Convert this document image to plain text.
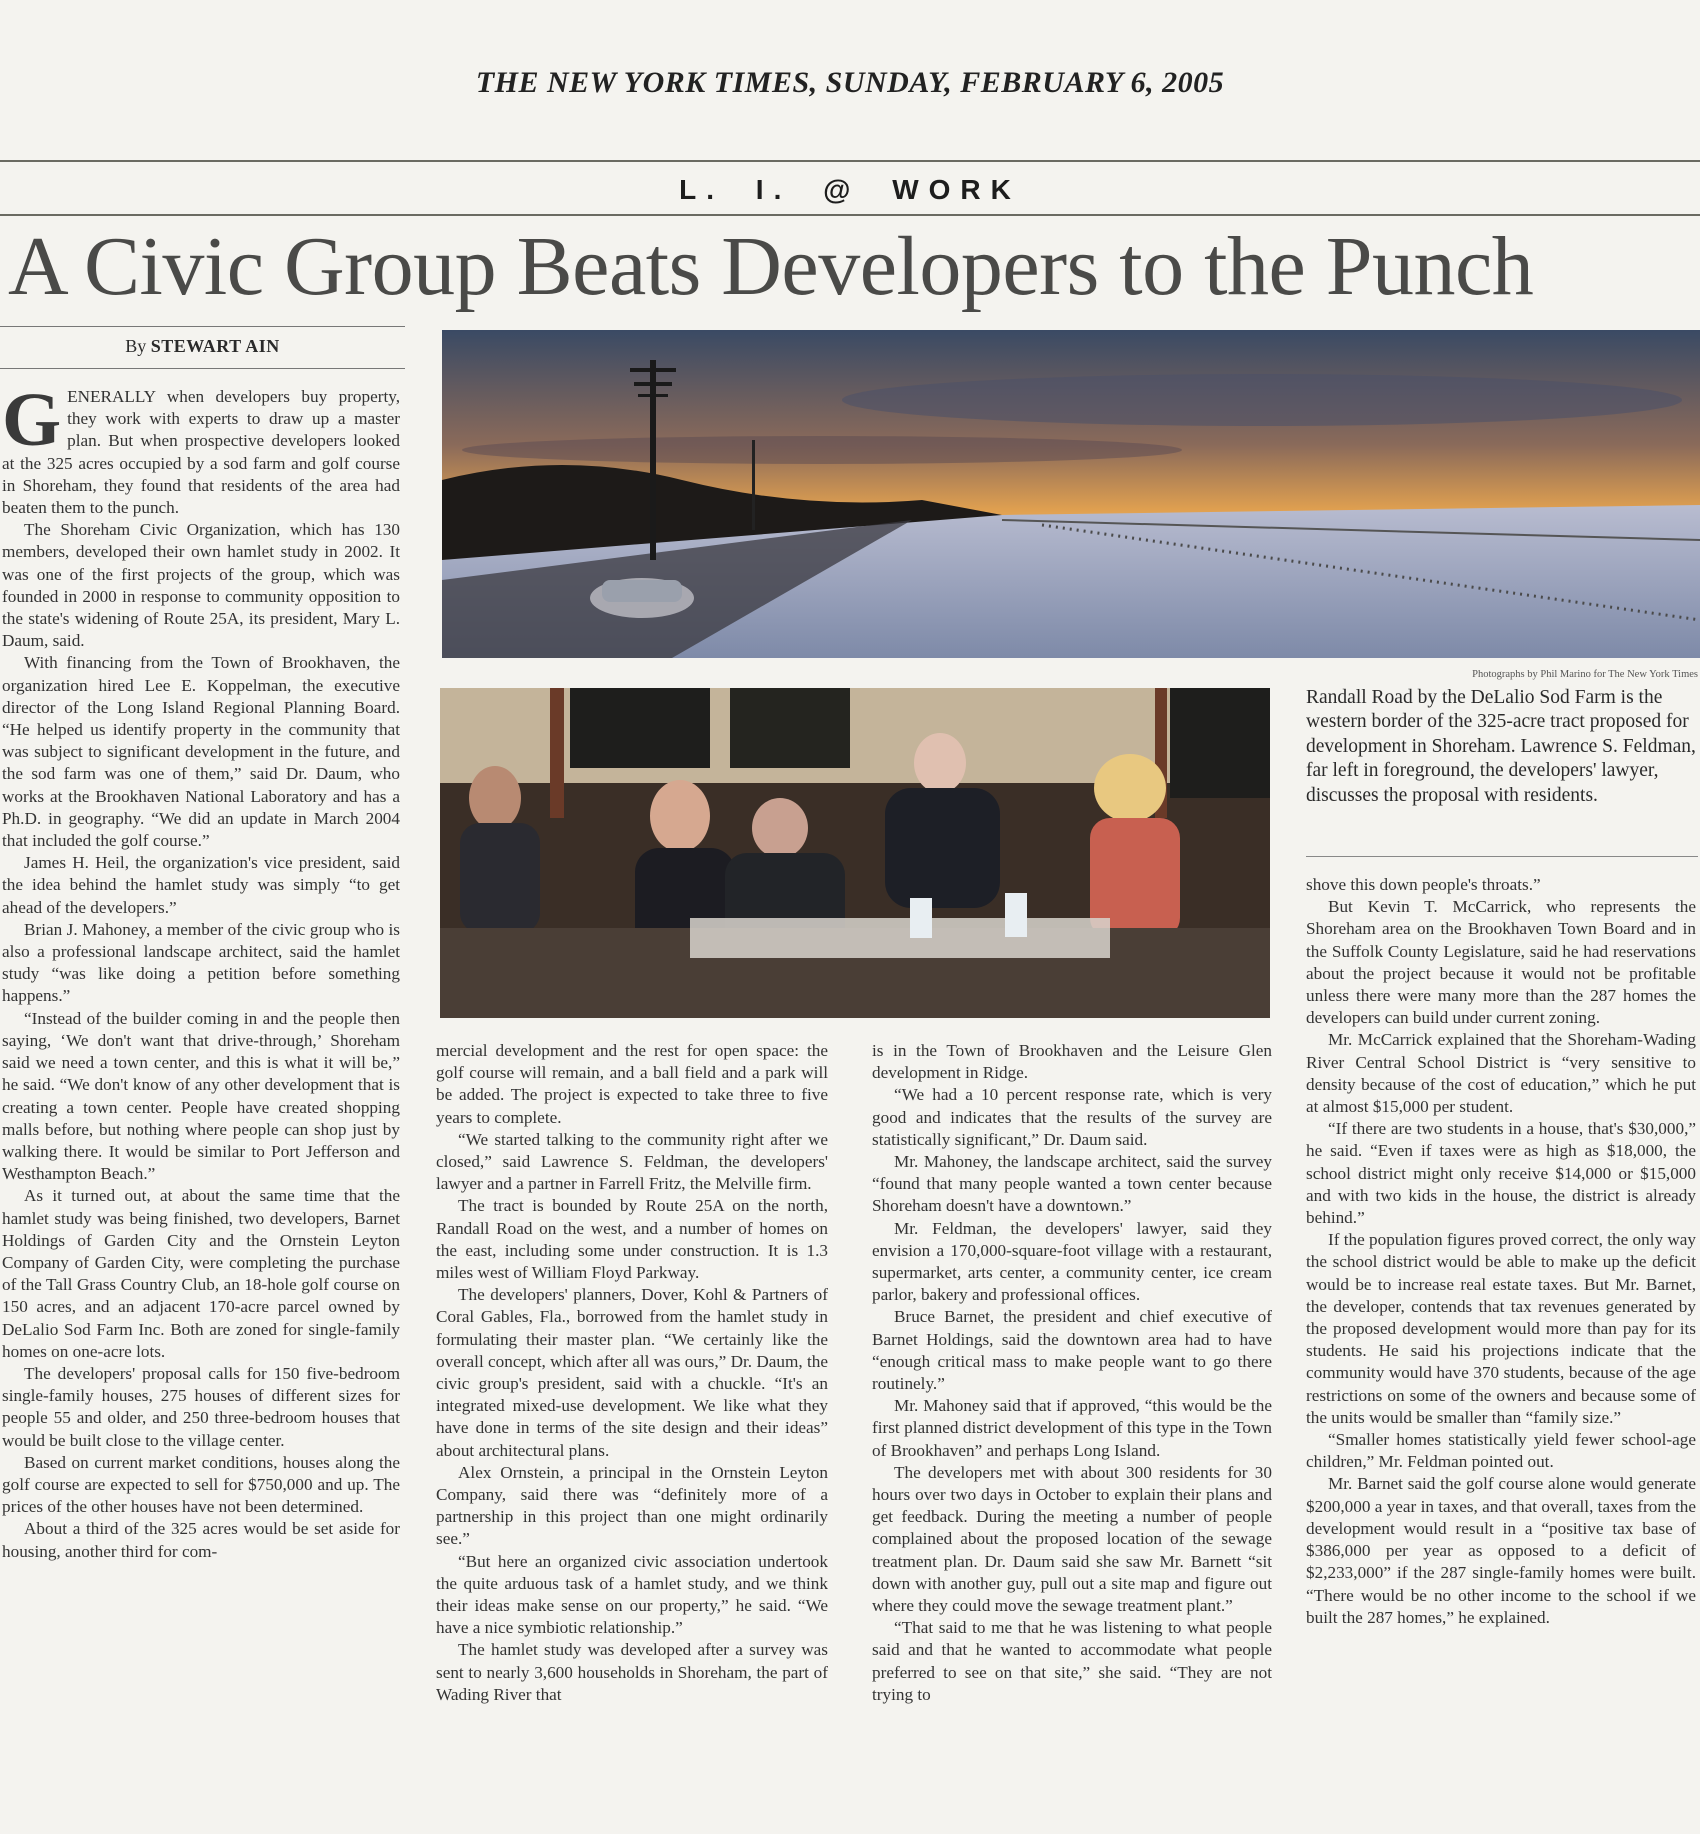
THE NEW YORK TIMES, SUNDAY, FEBRUARY 6, 2005
L. I. @ WORK
A Civic Group Beats Developers to the Punch
By STEWART AIN
Photographs by Phil Marino for The New York Times
Randall Road by the DeLalio Sod Farm is the western border of the 325-acre tract proposed for development in Shoreham. Lawrence S. Feldman, far left in foreground, the developers' lawyer, discusses the proposal with residents.

GENERALLY when developers buy property, they work with experts to draw up a master plan. But when prospective developers looked at the 325 acres occupied by a sod farm and golf course in Shoreham, they found that residents of the area had beaten them to the punch.

The Shoreham Civic Organization, which has 130 members, developed their own hamlet study in 2002. It was one of the first projects of the group, which was founded in 2000 in response to community opposition to the state's widening of Route 25A, its president, Mary L. Daum, said.

With financing from the Town of Brookhaven, the organization hired Lee E. Koppelman, the executive director of the Long Island Regional Planning Board. “He helped us identify property in the community that was subject to significant development in the future, and the sod farm was one of them,” said Dr. Daum, who works at the Brookhaven National Laboratory and has a Ph.D. in geography. “We did an update in March 2004 that included the golf course.”

James H. Heil, the organization's vice president, said the idea behind the hamlet study was simply “to get ahead of the developers.”

Brian J. Mahoney, a member of the civic group who is also a professional landscape architect, said the hamlet study “was like doing a petition before something happens.”

“Instead of the builder coming in and the people then saying, ‘We don't want that drive-through,’ Shoreham said we need a town center, and this is what it will be,” he said. “We don't know of any other development that is creating a town center. People have created shopping malls before, but nothing where people can shop just by walking there. It would be similar to Port Jefferson and Westhampton Beach.”

As it turned out, at about the same time that the hamlet study was being finished, two developers, Barnet Holdings of Garden City and the Ornstein Leyton Company of Garden City, were completing the purchase of the Tall Grass Country Club, an 18-hole golf course on 150 acres, and an adjacent 170-acre parcel owned by DeLalio Sod Farm Inc. Both are zoned for single-family homes on one-acre lots.

The developers' proposal calls for 150 five-bedroom single-family houses, 275 houses of different sizes for people 55 and older, and 250 three-bedroom houses that would be built close to the village center.

Based on current market conditions, houses along the golf course are expected to sell for $750,000 and up. The prices of the other houses have not been determined.

About a third of the 325 acres would be set aside for housing, another third for com-

mercial development and the rest for open space: the golf course will remain, and a ball field and a park will be added. The project is expected to take three to five years to complete.

“We started talking to the community right after we closed,” said Lawrence S. Feldman, the developers' lawyer and a partner in Farrell Fritz, the Melville firm.

The tract is bounded by Route 25A on the north, Randall Road on the west, and a number of homes on the east, including some under construction. It is 1.3 miles west of William Floyd Parkway.

The developers' planners, Dover, Kohl & Partners of Coral Gables, Fla., borrowed from the hamlet study in formulating their master plan. “We certainly like the overall concept, which after all was ours,” Dr. Daum, the civic group's president, said with a chuckle. “It's an integrated mixed-use development. We like what they have done in terms of the site design and their ideas” about architectural plans.

Alex Ornstein, a principal in the Ornstein Leyton Company, said there was “definitely more of a partnership in this project than one might ordinarily see.”

“But here an organized civic association undertook the quite arduous task of a hamlet study, and we think their ideas make sense on our property,” he said. “We have a nice symbiotic relationship.”

The hamlet study was developed after a survey was sent to nearly 3,600 households in Shoreham, the part of Wading River that

is in the Town of Brookhaven and the Leisure Glen development in Ridge.

“We had a 10 percent response rate, which is very good and indicates that the results of the survey are statistically significant,” Dr. Daum said.

Mr. Mahoney, the landscape architect, said the survey “found that many people wanted a town center because Shoreham doesn't have a downtown.”

Mr. Feldman, the developers' lawyer, said they envision a 170,000-square-foot village with a restaurant, supermarket, arts center, a community center, ice cream parlor, bakery and professional offices.

Bruce Barnet, the president and chief executive of Barnet Holdings, said the downtown area had to have “enough critical mass to make people want to go there routinely.”

Mr. Mahoney said that if approved, “this would be the first planned district development of this type in the Town of Brookhaven” and perhaps Long Island.

The developers met with about 300 residents for 30 hours over two days in October to explain their plans and get feedback. During the meeting a number of people complained about the proposed location of the sewage treatment plan. Dr. Daum said she saw Mr. Barnett “sit down with another guy, pull out a site map and figure out where they could move the sewage treatment plant.”

“That said to me that he was listening to what people said and that he wanted to accommodate what people preferred to see on that site,” she said. “They are not trying to

shove this down people's throats.”

But Kevin T. McCarrick, who represents the Shoreham area on the Brookhaven Town Board and in the Suffolk County Legislature, said he had reservations about the project because it would not be profitable unless there were many more than the 287 homes the developers can build under current zoning.

Mr. McCarrick explained that the Shoreham-Wading River Central School District is “very sensitive to density because of the cost of education,” which he put at almost $15,000 per student.

“If there are two students in a house, that's $30,000,” he said. “Even if taxes were as high as $18,000, the school district might only receive $14,000 or $15,000 and with two kids in the house, the district is already behind.”

If the population figures proved correct, the only way the school district would be able to make up the deficit would be to increase real estate taxes. But Mr. Barnet, the developer, contends that tax revenues generated by the proposed development would more than pay for its students. He said his projections indicate that the community would have 370 students, because of the age restrictions on some of the owners and because some of the units would be smaller than “family size.”

“Smaller homes statistically yield fewer school-age children,” Mr. Feldman pointed out.

Mr. Barnet said the golf course alone would generate $200,000 a year in taxes, and that overall, taxes from the development would result in a “positive tax base of $386,000 per year as opposed to a deficit of $2,233,000” if the 287 single-family homes were built. “There would be no other income to the school if we built the 287 homes,” he explained.
